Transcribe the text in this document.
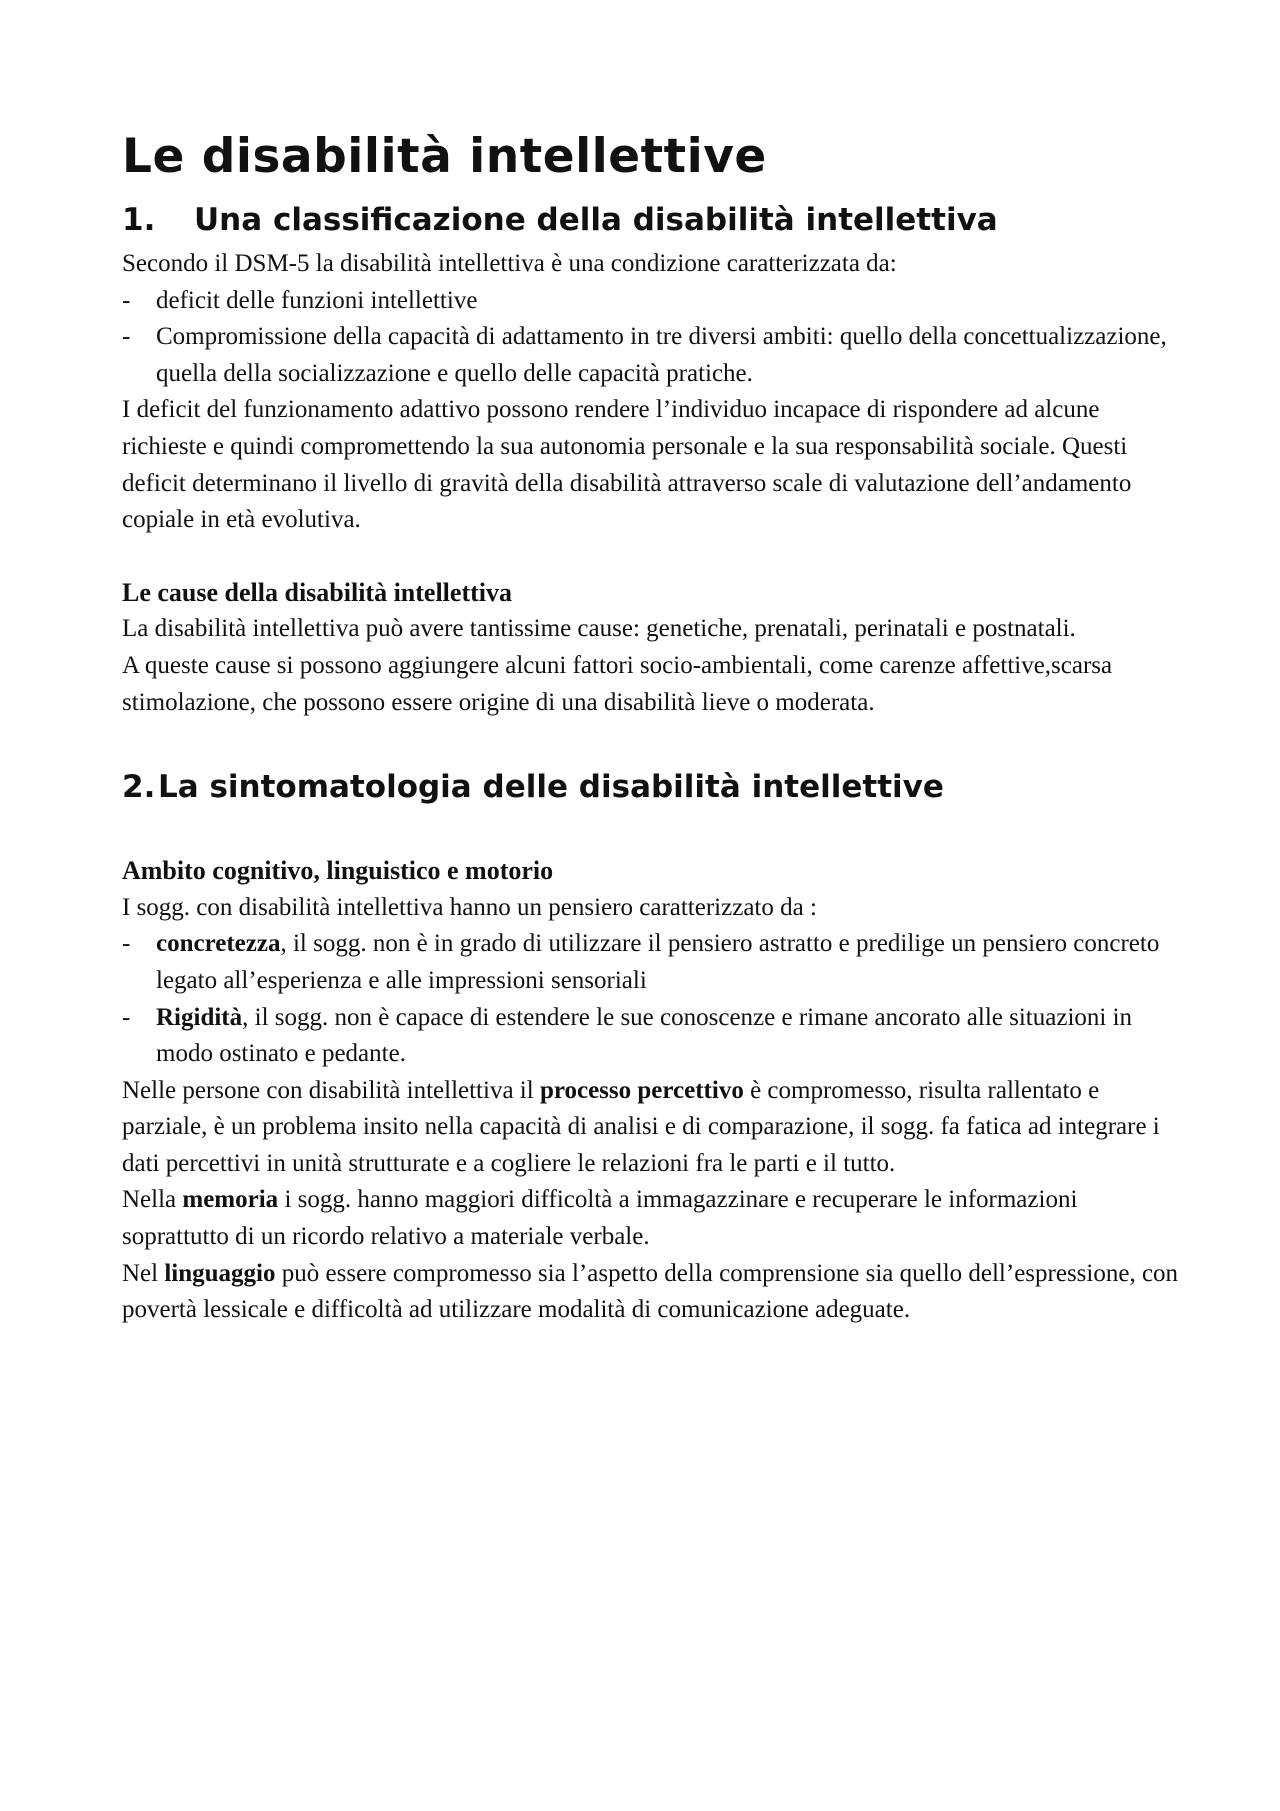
Le disabilità intellettive
1.	Una classificazione della disabilità intellettiva

Secondo il DSM-5 la disabilità intellettiva è una condizione caratterizzata da:

- deficit delle funzioni intellettive
- Compromissione della capacità di adattamento in tre diversi ambiti: quello della concettualizzazione, quella della socializzazione e quello delle capacità pratiche.

I deficit del funzionamento adattivo possono rendere l’individuo incapace di rispondere ad alcune richieste e quindi compromettendo la sua autonomia personale e la sua responsabilità sociale. Questi deficit determinano il livello di gravità della disabilità attraverso scale di valutazione dell’andamento copiale in età evolutiva.

Le cause della disabilità intellettiva

La disabilità intellettiva può avere tantissime cause: genetiche, prenatali, perinatali e postnatali.

A queste cause si possono aggiungere alcuni fattori socio-ambientali, come carenze affettive,scarsa stimolazione, che possono essere origine di una disabilità lieve o moderata.

2. La sintomatologia delle disabilità intellettive

Ambito cognitivo, linguistico e motorio

I sogg. con disabilità intellettiva hanno un pensiero caratterizzato da :

- concretezza, il sogg. non è in grado di utilizzare il pensiero astratto e predilige un pensiero concreto legato all’esperienza e alle impressioni sensoriali
- Rigidità, il sogg. non è capace di estendere le sue conoscenze e rimane ancorato alle situazioni in modo ostinato e pedante.

Nelle persone con disabilità intellettiva il processo percettivo è compromesso, risulta rallentato e parziale, è un problema insito nella capacità di analisi e di comparazione, il sogg. fa fatica ad integrare i dati percettivi in unità strutturate e a cogliere le relazioni fra le parti e il tutto.

Nella memoria i sogg. hanno maggiori difficoltà a immagazzinare e recuperare le informazioni soprattutto di un ricordo relativo a materiale verbale.

Nel linguaggio può essere compromesso sia l’aspetto della comprensione sia quello dell’espressione, con povertà lessicale e difficoltà ad utilizzare modalità di comunicazione adeguate.
